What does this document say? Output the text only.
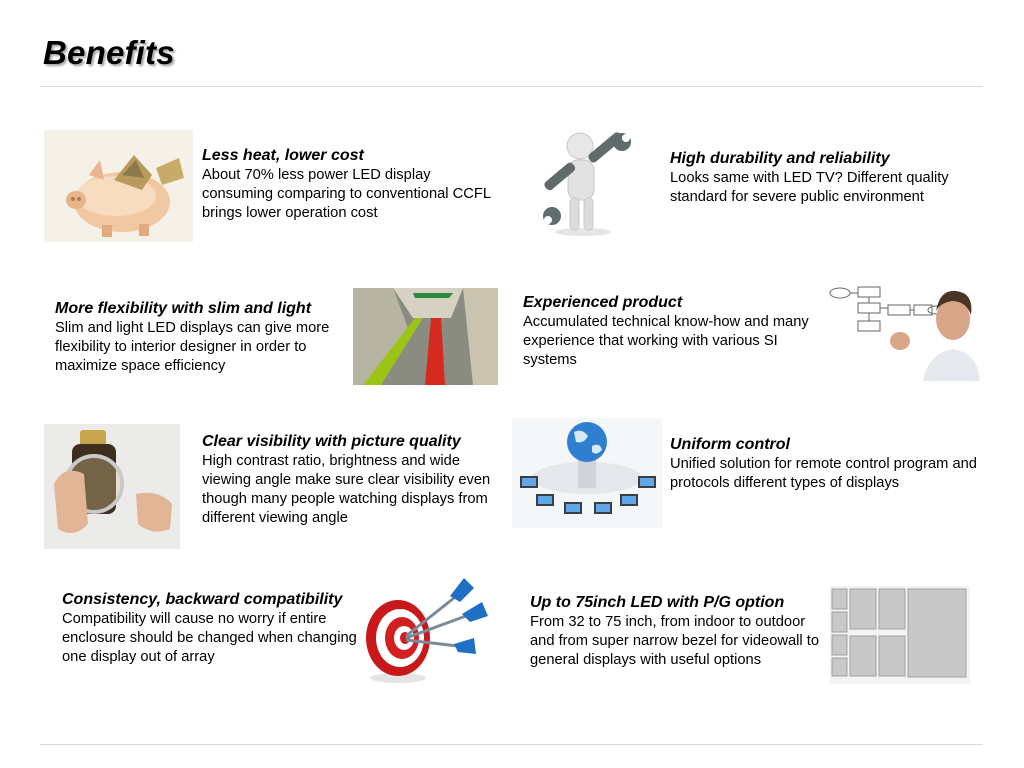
Benefits
Less heat, lower cost

About 70% less power LED display consuming comparing to conventional CCFL brings lower operation cost

High durability and reliability

Looks same with LED TV? Different quality standard for severe public environment

More flexibility with slim and light

Slim and light LED displays can give more flexibility to interior designer in order to maximize space efficiency

Experienced product

Accumulated technical know-how and many experience that working with various SI systems

Clear visibility with picture quality

High contrast ratio, brightness and wide viewing angle make sure clear visibility even though many people watching displays from different viewing angle

Uniform control

Unified solution for remote control program and protocols different types of displays

Consistency, backward compatibility

Compatibility will cause no worry if entire enclosure should be changed when changing one display out of array

Up to 75inch LED with P/G option

From 32 to 75 inch, from indoor to outdoor and from super narrow bezel for videowall to general displays with useful options
